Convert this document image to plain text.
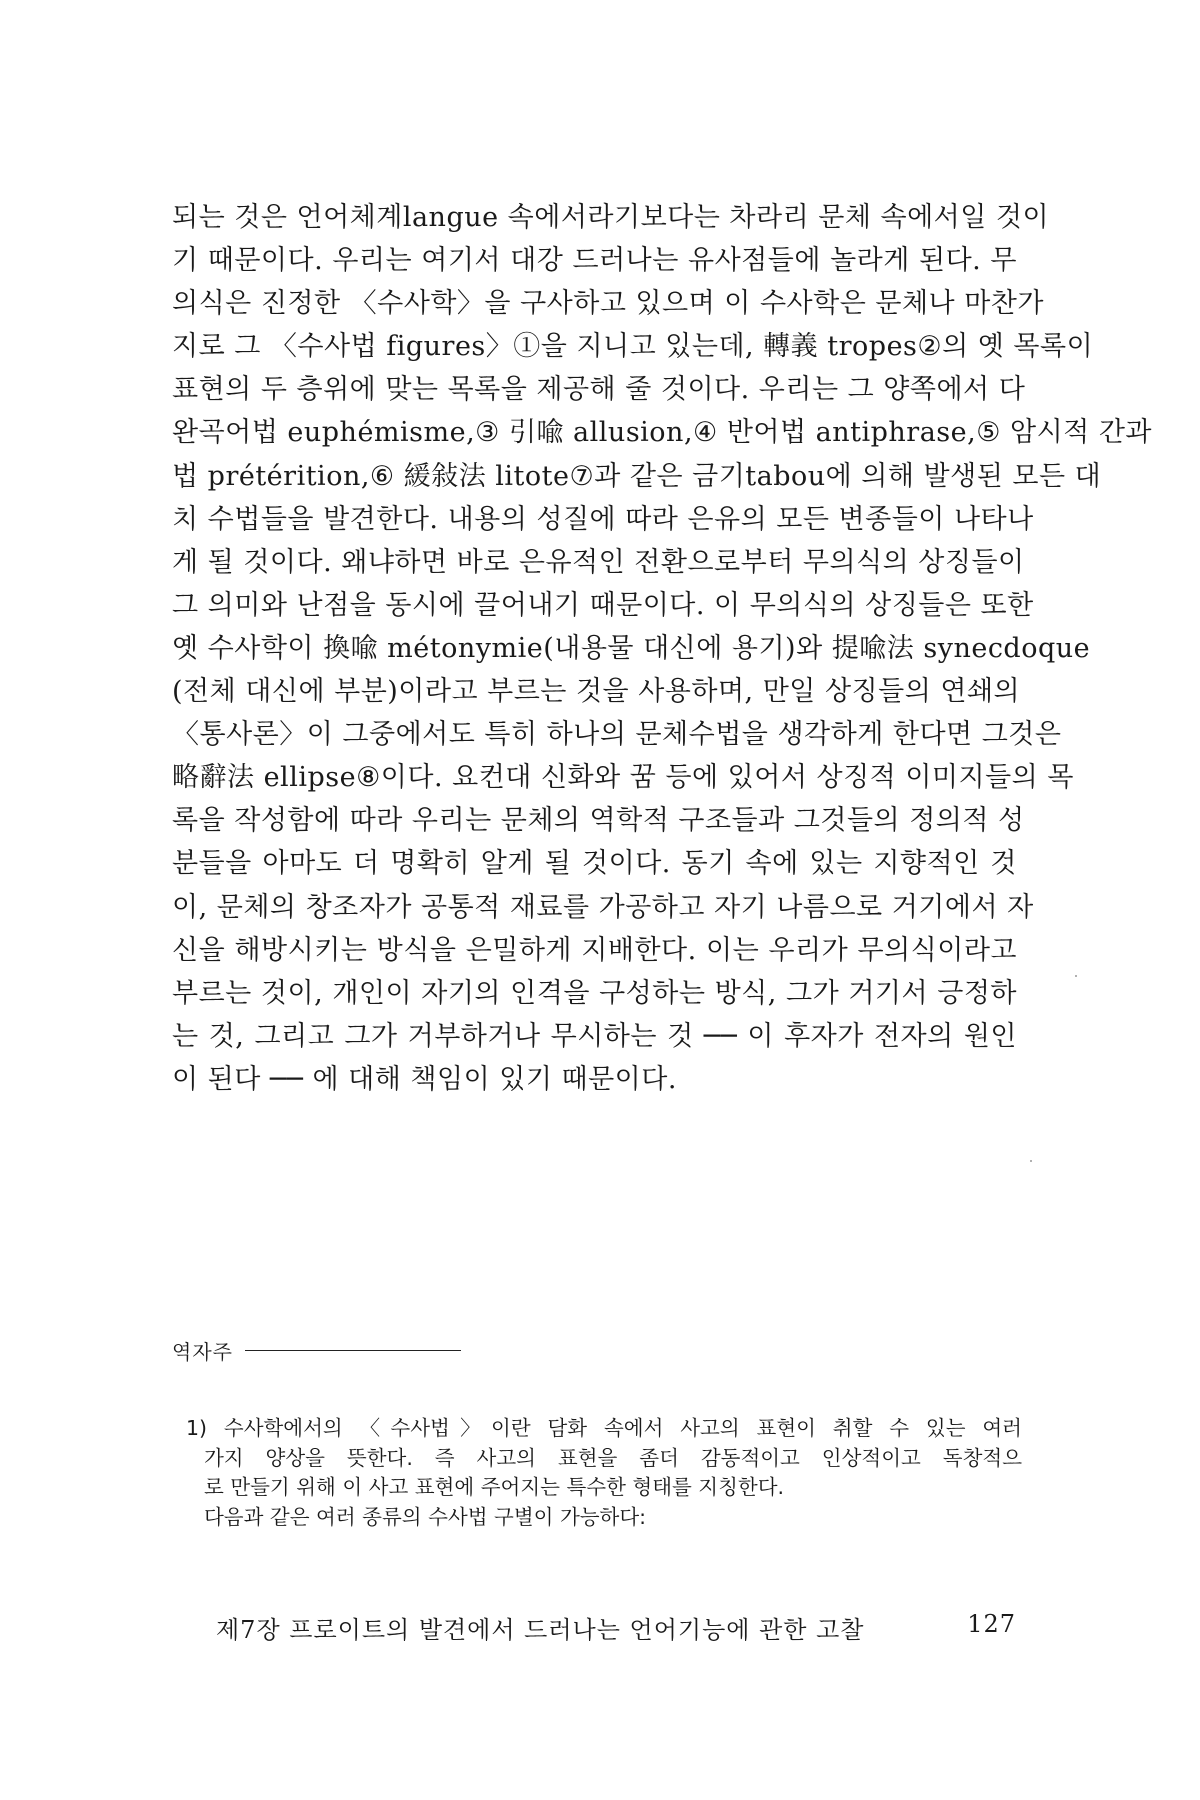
되는 것은 언어체계langue 속에서라기보다는 차라리 문체 속에서일 것이
기 때문이다. 우리는 여기서 대강 드러나는 유사점들에 놀라게 된다. 무
의식은 진정한 〈수사학〉을 구사하고 있으며 이 수사학은 문체나 마찬가
지로 그 〈수사법 figures〉①을 지니고 있는데, 轉義 tropes②의 옛 목록이
표현의 두 층위에 맞는 목록을 제공해 줄 것이다. 우리는 그 양쪽에서 다
완곡어법 euphémisme,③ 引喩 allusion,④ 반어법 antiphrase,⑤ 암시적 간과
법 prétérition,⑥ 緩敍法 litote⑦과 같은 금기tabou에 의해 발생된 모든 대
치 수법들을 발견한다. 내용의 성질에 따라 은유의 모든 변종들이 나타나
게 될 것이다. 왜냐하면 바로 은유적인 전환으로부터 무의식의 상징들이
그 의미와 난점을 동시에 끌어내기 때문이다. 이 무의식의 상징들은 또한
옛 수사학이 換喩 métonymie(내용물 대신에 용기)와 提喩法 synecdoque
(전체 대신에 부분)이라고 부르는 것을 사용하며, 만일 상징들의 연쇄의
〈통사론〉이 그중에서도 특히 하나의 문체수법을 생각하게 한다면 그것은
略辭法 ellipse⑧이다. 요컨대 신화와 꿈 등에 있어서 상징적 이미지들의 목
록을 작성함에 따라 우리는 문체의 역학적 구조들과 그것들의 정의적 성
분들을 아마도 더 명확히 알게 될 것이다. 동기 속에 있는 지향적인 것
이, 문체의 창조자가 공통적 재료를 가공하고 자기 나름으로 거기에서 자
신을 해방시키는 방식을 은밀하게 지배한다. 이는 우리가 무의식이라고
부르는 것이, 개인이 자기의 인격을 구성하는 방식, 그가 거기서 긍정하
는 것, 그리고 그가 거부하거나 무시하는 것 ── 이 후자가 전자의 원인
이 된다 ── 에 대해 책임이 있기 때문이다.
역자주
1) 수사학에서의 〈수사법〉이란 담화 속에서 사고의 표현이 취할 수 있는 여러
가지 양상을 뜻한다. 즉 사고의 표현을 좀더 감동적이고 인상적이고 독창적으
로 만들기 위해 이 사고 표현에 주어지는 특수한 형태를 지칭한다.
다음과 같은 여러 종류의 수사법 구별이 가능하다:
제7장 프로이트의 발견에서 드러나는 언어기능에 관한 고찰	127
